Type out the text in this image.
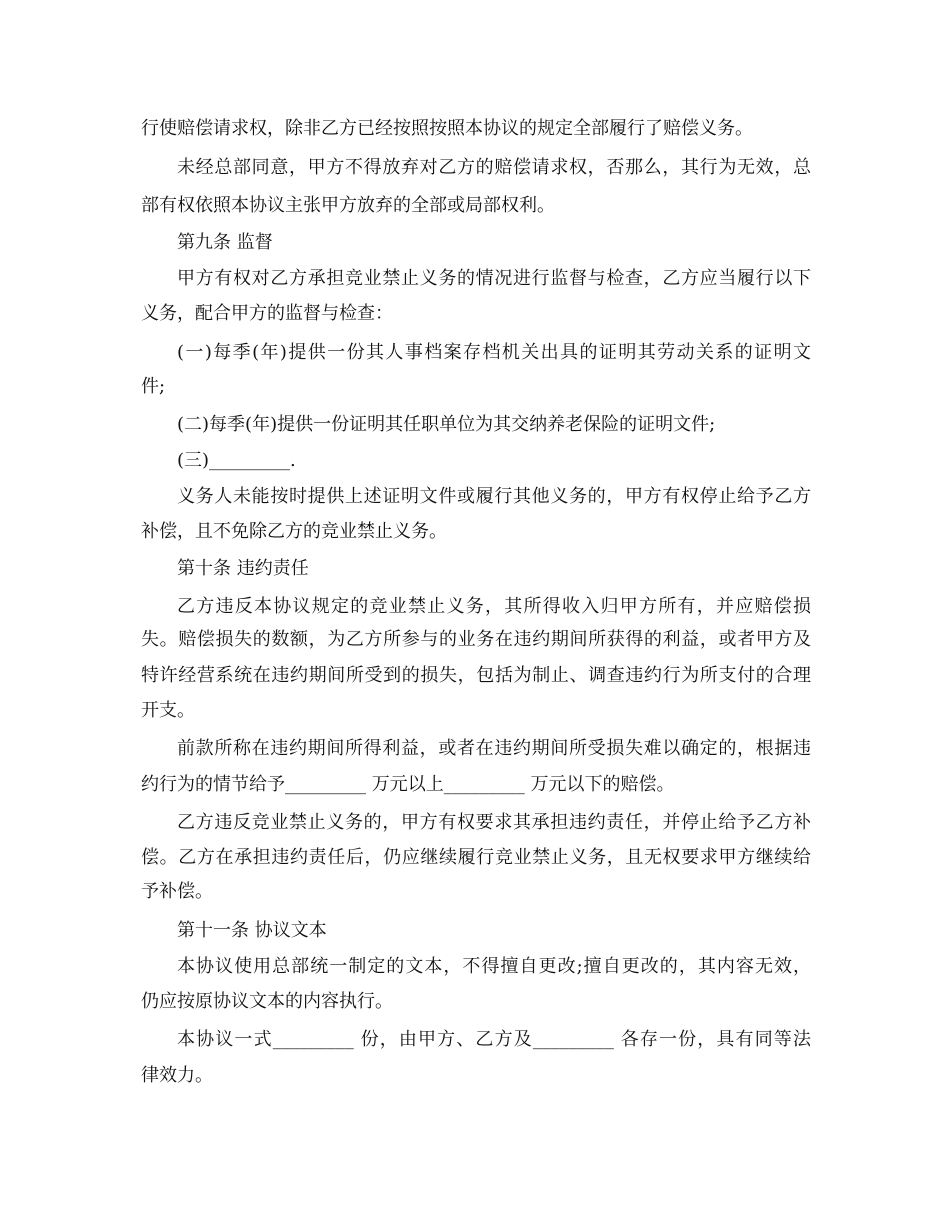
行使赔偿请求权，除非乙方已经按照按照本协议的规定全部履行了赔偿义务。

未经总部同意，甲方不得放弃对乙方的赔偿请求权，否那么，其行为无效，总

部有权依照本协议主张甲方放弃的全部或局部权利。

第九条 监督

甲方有权对乙方承担竞业禁止义务的情况进行监督与检查，乙方应当履行以下

义务，配合甲方的监督与检查：

(一)每季(年)提供一份其人事档案存档机关出具的证明其劳动关系的证明文

件;

(二)每季(年)提供一份证明其任职单位为其交纳养老保险的证明文件;

(三)_________.

义务人未能按时提供上述证明文件或履行其他义务的，甲方有权停止给予乙方

补偿，且不免除乙方的竞业禁止义务。

第十条 违约责任

乙方违反本协议规定的竞业禁止义务，其所得收入归甲方所有，并应赔偿损

失。赔偿损失的数额，为乙方所参与的业务在违约期间所获得的利益，或者甲方及

特许经营系统在违约期间所受到的损失，包括为制止、调查违约行为所支付的合理

开支。

前款所称在违约期间所得利益，或者在违约期间所受损失难以确定的，根据违

约行为的情节给予_________ 万元以上_________ 万元以下的赔偿。

乙方违反竞业禁止义务的，甲方有权要求其承担违约责任，并停止给予乙方补

偿。乙方在承担违约责任后，仍应继续履行竞业禁止义务，且无权要求甲方继续给

予补偿。

第十一条 协议文本

本协议使用总部统一制定的文本，不得擅自更改;擅自更改的，其内容无效，

仍应按原协议文本的内容执行。

本协议一式_________ 份，由甲方、乙方及_________ 各存一份，具有同等法

律效力。
